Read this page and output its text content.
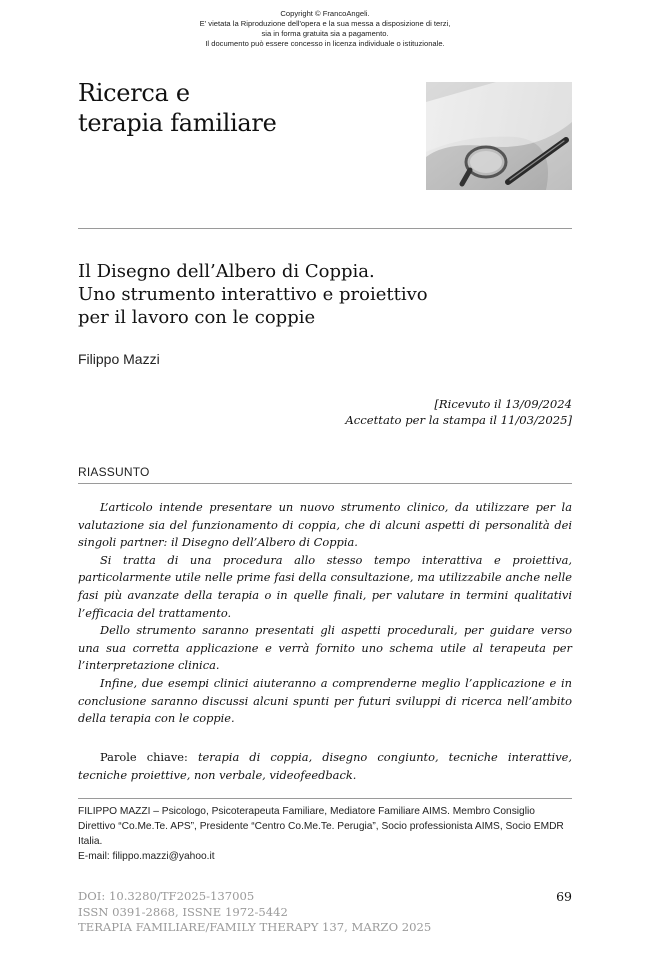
Copyright © FrancoAngeli.
E' vietata la Riproduzione dell'opera e la sua messa a disposizione di terzi,
sia in forma gratuita sia a pagamento.
Il documento può essere concesso in licenza individuale o istituzionale.
Ricerca e
terapia familiare
Il Disegno dell’Albero di Coppia.
Uno strumento interattivo e proiettivo
per il lavoro con le coppie
Filippo Mazzi
[Ricevuto il 13/09/2024
Accettato per la stampa il 11/03/2025]
RIASSUNTO

L’articolo intende presentare un nuovo strumento clinico, da utilizzare per la valutazione sia del funzionamento di coppia, che di alcuni aspetti di personalità dei singoli partner: il Disegno dell’Albero di Coppia.

Si tratta di una procedura allo stesso tempo interattiva e proiettiva, particolarmente utile nelle prime fasi della consultazione, ma utilizzabile anche nelle fasi più avanzate della terapia o in quelle finali, per valutare in termini qualitativi l’efficacia del trattamento.

Dello strumento saranno presentati gli aspetti procedurali, per guidare verso una sua corretta applicazione e verrà fornito uno schema utile al terapeuta per l’interpretazione clinica.

Infine, due esempi clinici aiuteranno a comprenderne meglio l’applicazione e in conclusione saranno discussi alcuni spunti per futuri sviluppi di ricerca nell’ambito della terapia con le coppie.

Parole chiave: terapia di coppia, disegno congiunto, tecniche interattive, tecniche proiettive, non verbale, videofeedback.
FILIPPO MAZZI – Psicologo, Psicoterapeuta Familiare, Mediatore Familiare AIMS. Membro Consiglio Direttivo “Co.Me.Te. APS”, Presidente “Centro Co.Me.Te. Perugia”, Socio professionista AIMS, Socio EMDR Italia.
E-mail: filippo.mazzi@yahoo.it
DOI: 10.3280/TF2025-137005
ISSN 0391-2868, ISSNE 1972-5442
TERAPIA FAMILIARE/FAMILY THERAPY 137, MARZO 2025
69
